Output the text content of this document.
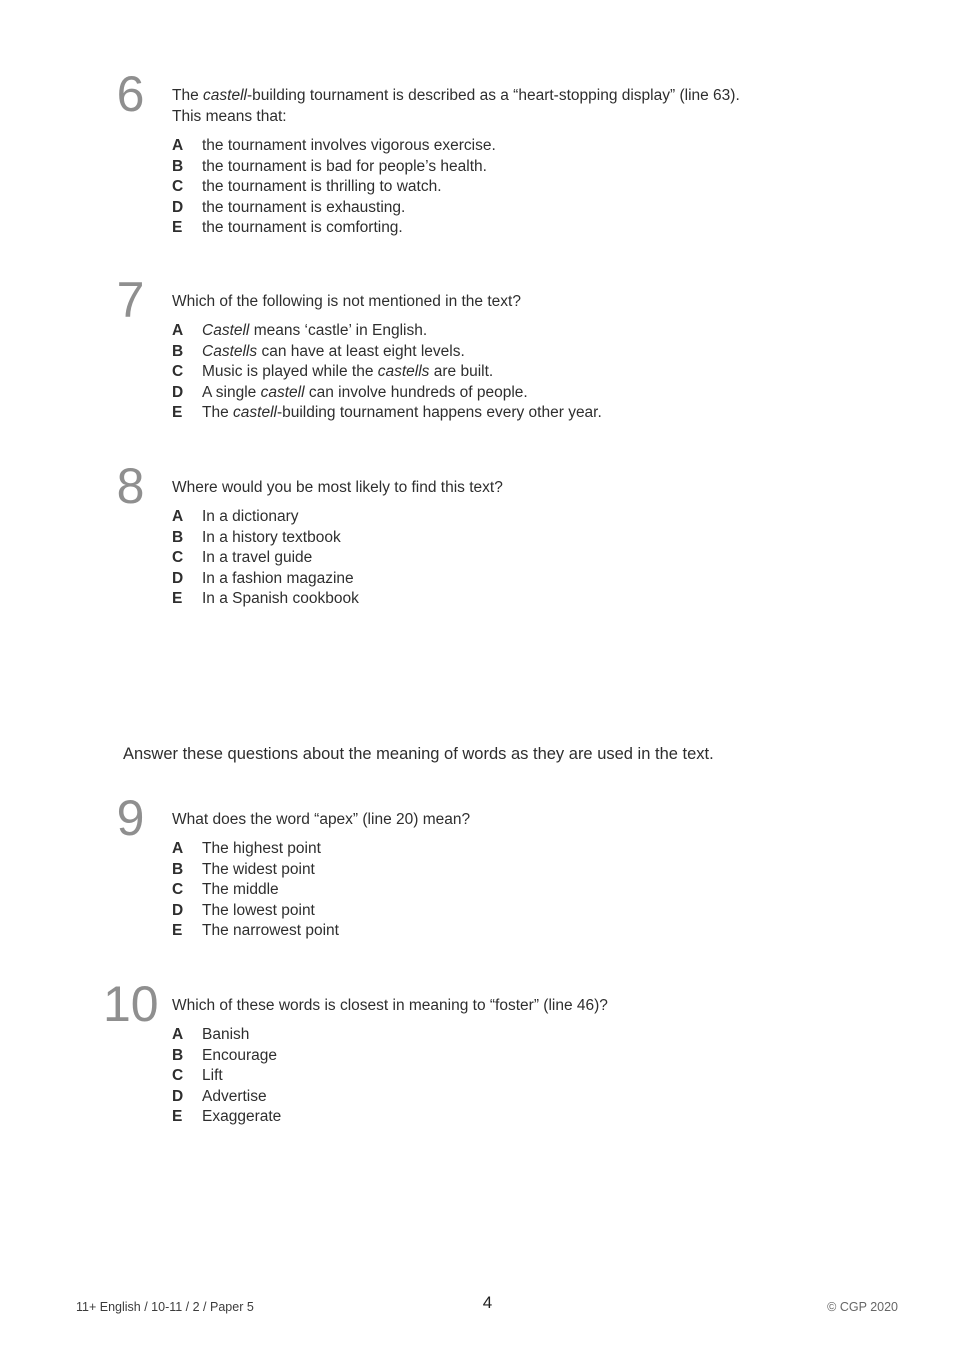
6	The castell-building tournament is described as a “heart-stopping display” (line 63).
This means that:

A	the tournament involves vigorous exercise.
B	the tournament is bad for people’s health.
C	the tournament is thrilling to watch.
D	the tournament is exhausting.
E	the tournament is comforting.
7	Which of the following is not mentioned in the text?

A	Castell means ‘castle’ in English.
B	Castells can have at least eight levels.
C	Music is played while the castells are built.
D	A single castell can involve hundreds of people.
E	The castell-building tournament happens every other year.
8	Where would you be most likely to find this text?

A	In a dictionary
B	In a history textbook
C	In a travel guide
D	In a fashion magazine
E	In a Spanish cookbook

Answer these questions about the meaning of words as they are used in the text.

9	What does the word “apex” (line 20) mean?

A	The highest point
B	The widest point
C	The middle
D	The lowest point
E	The narrowest point
10 Which of these words is closest in meaning to “foster” (line 46)?

A	Banish
B	Encourage
C	Lift
D	Advertise
E	Exaggerate
11+ English / 10-11 / 2 / Paper 5	4	© CGP 2020
